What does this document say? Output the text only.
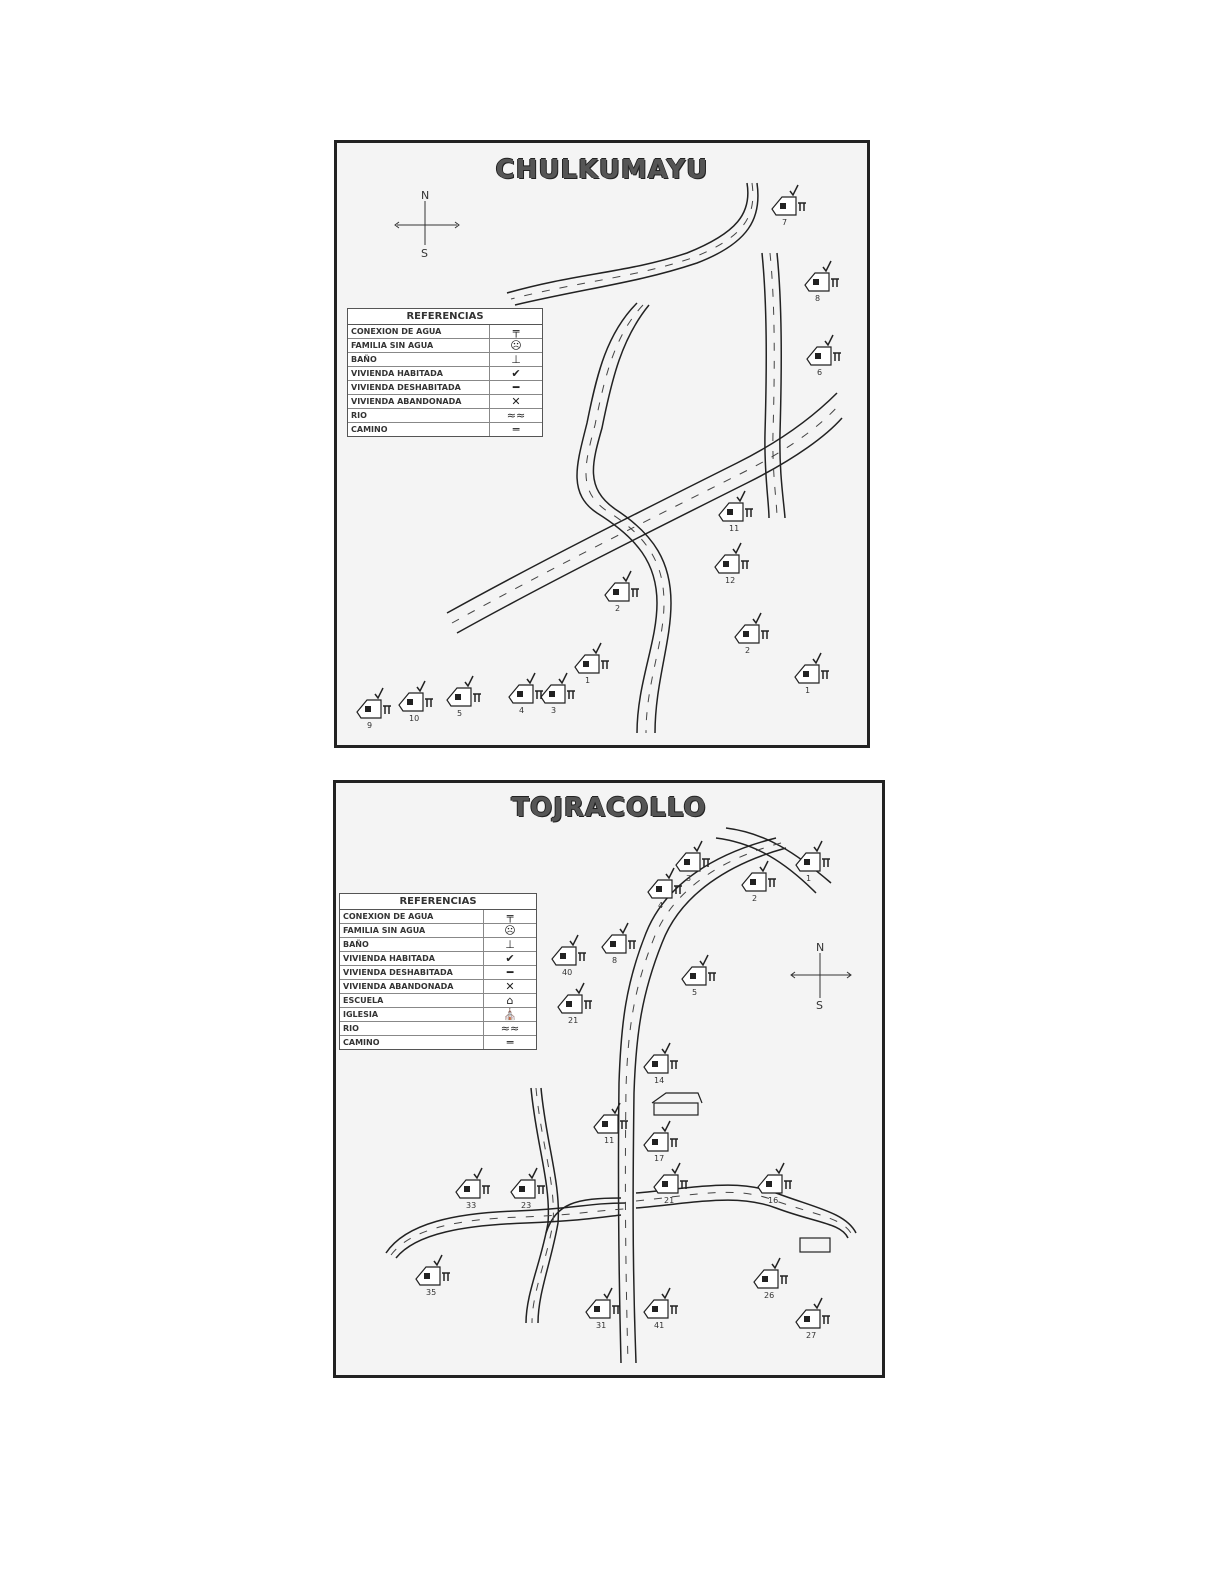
CHULKUMAYU
N
S
7
8
6
11
12
2
2
1
1
3
4
5
10
9
REFERENCIAS
CONEXION DE AGUA	╤
FAMILIA SIN AGUA	☹
BAÑO	⊥
VIVIENDA HABITADA	✔
VIVIENDA DESHABITADA	━
VIVIENDA ABANDONADA	✕
RIO	≈≈
CAMINO	═
TOJRACOLLO
N
S
3	1
4
2
8
40
5
21
14
11
17
33	23
21	16
26
27
31
35
41
REFERENCIAS
CONEXION DE AGUA	╤
FAMILIA SIN AGUA	☹
BAÑO	⊥
VIVIENDA HABITADA	✔
VIVIENDA DESHABITADA	━
VIVIENDA ABANDONADA	✕
ESCUELA	⌂
IGLESIA	⛪
RIO	≈≈
CAMINO	═
